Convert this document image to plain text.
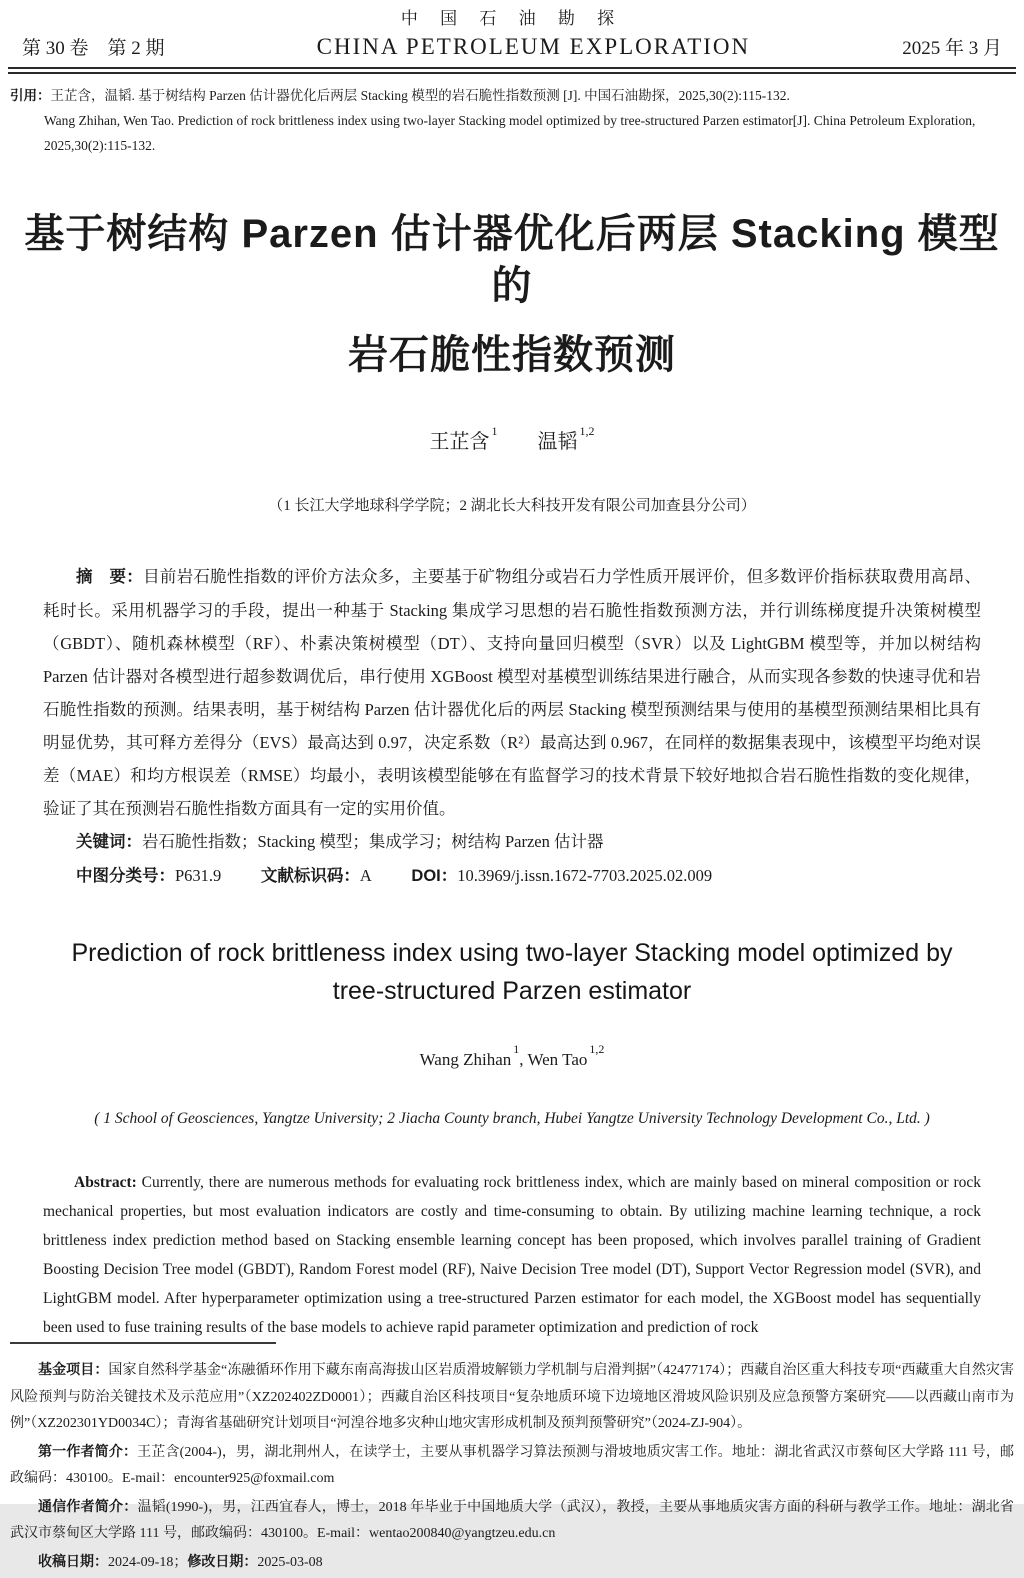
中 国 石 油 勘 探
第 30 卷　第 2 期	CHINA PETROLEUM EXPLORATION	2025 年 3 月
引用：王芷含，温韬. 基于树结构 Parzen 估计器优化后两层 Stacking 模型的岩石脆性指数预测 [J]. 中国石油勘探，2025,30(2):115-132.
Wang Zhihan, Wen Tao. Prediction of rock brittleness index using two-layer Stacking model optimized by tree-structured Parzen estimator[J]. China Petroleum Exploration, 2025,30(2):115-132.
基于树结构 Parzen 估计器优化后两层 Stacking 模型的
岩石脆性指数预测
王芷含$^1$温韬$^{1,2}$
（1 长江大学地球科学学院；2 湖北长大科技开发有限公司加查县分公司）

摘　要：目前岩石脆性指数的评价方法众多，主要基于矿物组分或岩石力学性质开展评价，但多数评价指标获取费用高昂、耗时长。采用机器学习的手段，提出一种基于 Stacking 集成学习思想的岩石脆性指数预测方法，并行训练梯度提升决策树模型（GBDT）、随机森林模型（RF）、朴素决策树模型（DT）、支持向量回归模型（SVR）以及 LightGBM 模型等，并加以树结构 Parzen 估计器对各模型进行超参数调优后，串行使用 XGBoost 模型对基模型训练结果进行融合，从而实现各参数的快速寻优和岩石脆性指数的预测。结果表明，基于树结构 Parzen 估计器优化后的两层 Stacking 模型预测结果与使用的基模型预测结果相比具有明显优势，其可释方差得分（EVS）最高达到 0.97，决定系数（R²）最高达到 0.967，在同样的数据集表现中，该模型平均绝对误差（MAE）和均方根误差（RMSE）均最小，表明该模型能够在有监督学习的技术背景下较好地拟合岩石脆性指数的变化规律，验证了其在预测岩石脆性指数方面具有一定的实用价值。

关键词：岩石脆性指数；Stacking 模型；集成学习；树结构 Parzen 估计器

中图分类号：P631.9 文献标识码：A DOI：10.3969/j.issn.1672-7703.2025.02.009

Prediction of rock brittleness index using two-layer Stacking model optimized by
tree-structured Parzen estimator
Wang Zhihan$^1$, Wen Tao$^{1,2}$
( 1 School of Geosciences, Yangtze University; 2 Jiacha County branch, Hubei Yangtze University Technology Development Co., Ltd. )

Abstract: Currently, there are numerous methods for evaluating rock brittleness index, which are mainly based on mineral composition or rock mechanical properties, but most evaluation indicators are costly and time-consuming to obtain. By utilizing machine learning technique, a rock brittleness index prediction method based on Stacking ensemble learning concept has been proposed, which involves parallel training of Gradient Boosting Decision Tree model (GBDT), Random Forest model (RF), Naive Decision Tree model (DT), Support Vector Regression model (SVR), and LightGBM model. After hyperparameter optimization using a tree-structured Parzen estimator for each model, the XGBoost model has sequentially been used to fuse training results of the base models to achieve rapid parameter optimization and prediction of rock

基金项目：国家自然科学基金“冻融循环作用下藏东南高海拔山区岩质滑坡解锁力学机制与启滑判据”（42477174）；西藏自治区重大科技专项“西藏重大自然灾害风险预判与防治关键技术及示范应用”（XZ202402ZD0001）；西藏自治区科技项目“复杂地质环境下边境地区滑坡风险识别及应急预警方案研究——以西藏山南市为例”（XZ202301YD0034C）；青海省基础研究计划项目“河湟谷地多灾种山地灾害形成机制及预判预警研究”（2024-ZJ-904）。

第一作者简介：王芷含(2004-)，男，湖北荆州人，在读学士，主要从事机器学习算法预测与滑坡地质灾害工作。地址：湖北省武汉市蔡甸区大学路 111 号，邮政编码：430100。E-mail：encounter925@foxmail.com

通信作者简介：温韬(1990-)，男，江西宜春人，博士，2018 年毕业于中国地质大学（武汉），教授，主要从事地质灾害方面的科研与教学工作。地址：湖北省武汉市蔡甸区大学路 111 号，邮政编码：430100。E-mail：wentao200840@yangtzeu.edu.cn

收稿日期：2024-09-18；修改日期：2025-03-08
